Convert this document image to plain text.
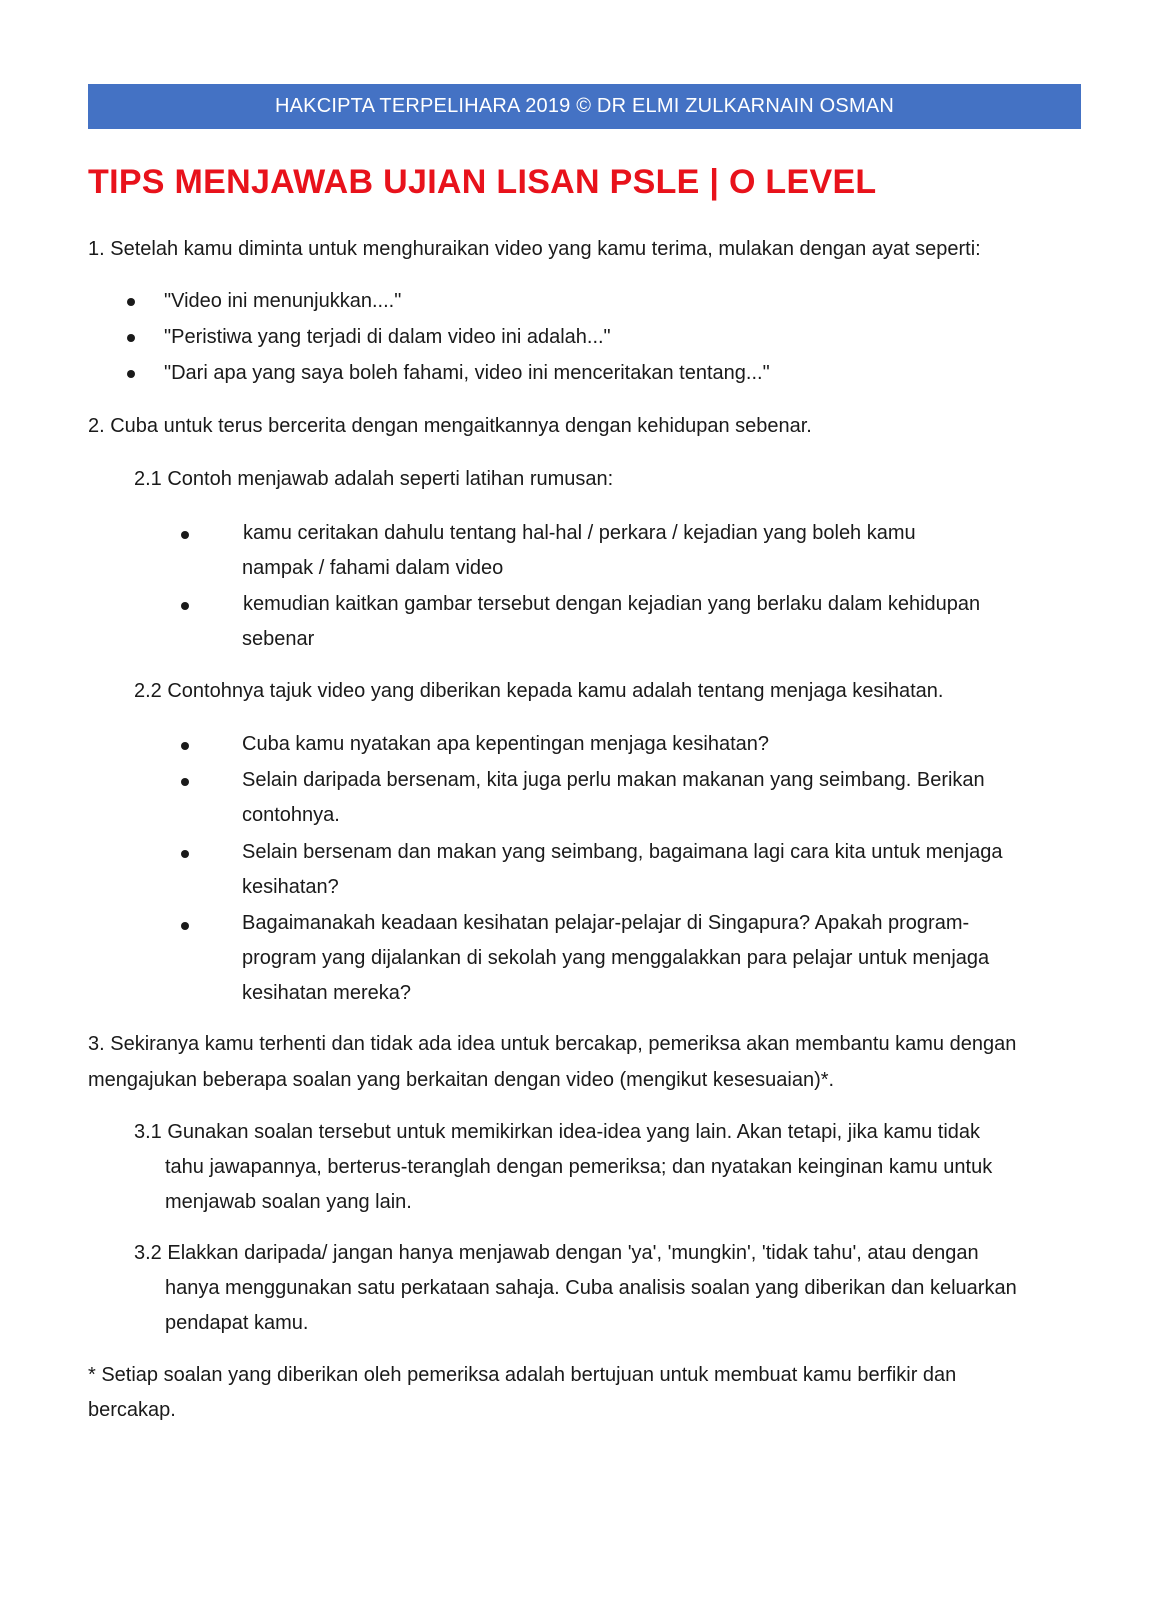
HAKCIPTA TERPELIHARA 2019 © DR ELMI ZULKARNAIN OSMAN
TIPS MENJAWAB UJIAN LISAN PSLE | O LEVEL

1. Setelah kamu diminta untuk menghuraikan video yang kamu terima, mulakan dengan ayat seperti:

"Video ini menunjukkan...."
"Peristiwa yang terjadi di dalam video ini adalah..."
"Dari apa yang saya boleh fahami, video ini menceritakan tentang..."

2. Cuba untuk terus bercerita dengan mengaitkannya dengan kehidupan sebenar.

2.1 Contoh menjawab adalah seperti latihan rumusan:

kamu ceritakan dahulu tentang hal-hal / perkara / kejadian yang boleh kamu
nampak / fahami dalam video
kemudian kaitkan gambar tersebut dengan kejadian yang berlaku dalam kehidupan
sebenar

2.2 Contohnya tajuk video yang diberikan kepada kamu adalah tentang menjaga kesihatan.

Cuba kamu nyatakan apa kepentingan menjaga kesihatan?
Selain daripada bersenam, kita juga perlu makan makanan yang seimbang. Berikan
contohnya.
Selain bersenam dan makan yang seimbang, bagaimana lagi cara kita untuk menjaga
kesihatan?
Bagaimanakah keadaan kesihatan pelajar-pelajar di Singapura? Apakah program-
program yang dijalankan di sekolah yang menggalakkan para pelajar untuk menjaga
kesihatan mereka?

3. Sekiranya kamu terhenti dan tidak ada idea untuk bercakap, pemeriksa akan membantu kamu dengan

mengajukan beberapa soalan yang berkaitan dengan video (mengikut kesesuaian)*.

3.1 Gunakan soalan tersebut untuk memikirkan idea-idea yang lain. Akan tetapi, jika kamu tidak

tahu jawapannya, berterus-teranglah dengan pemeriksa; dan nyatakan keinginan kamu untuk

menjawab soalan yang lain.

3.2 Elakkan daripada/ jangan hanya menjawab dengan 'ya', 'mungkin', 'tidak tahu', atau dengan

hanya menggunakan satu perkataan sahaja. Cuba analisis soalan yang diberikan dan keluarkan

pendapat kamu.

* Setiap soalan yang diberikan oleh pemeriksa adalah bertujuan untuk membuat kamu berfikir dan

bercakap.
